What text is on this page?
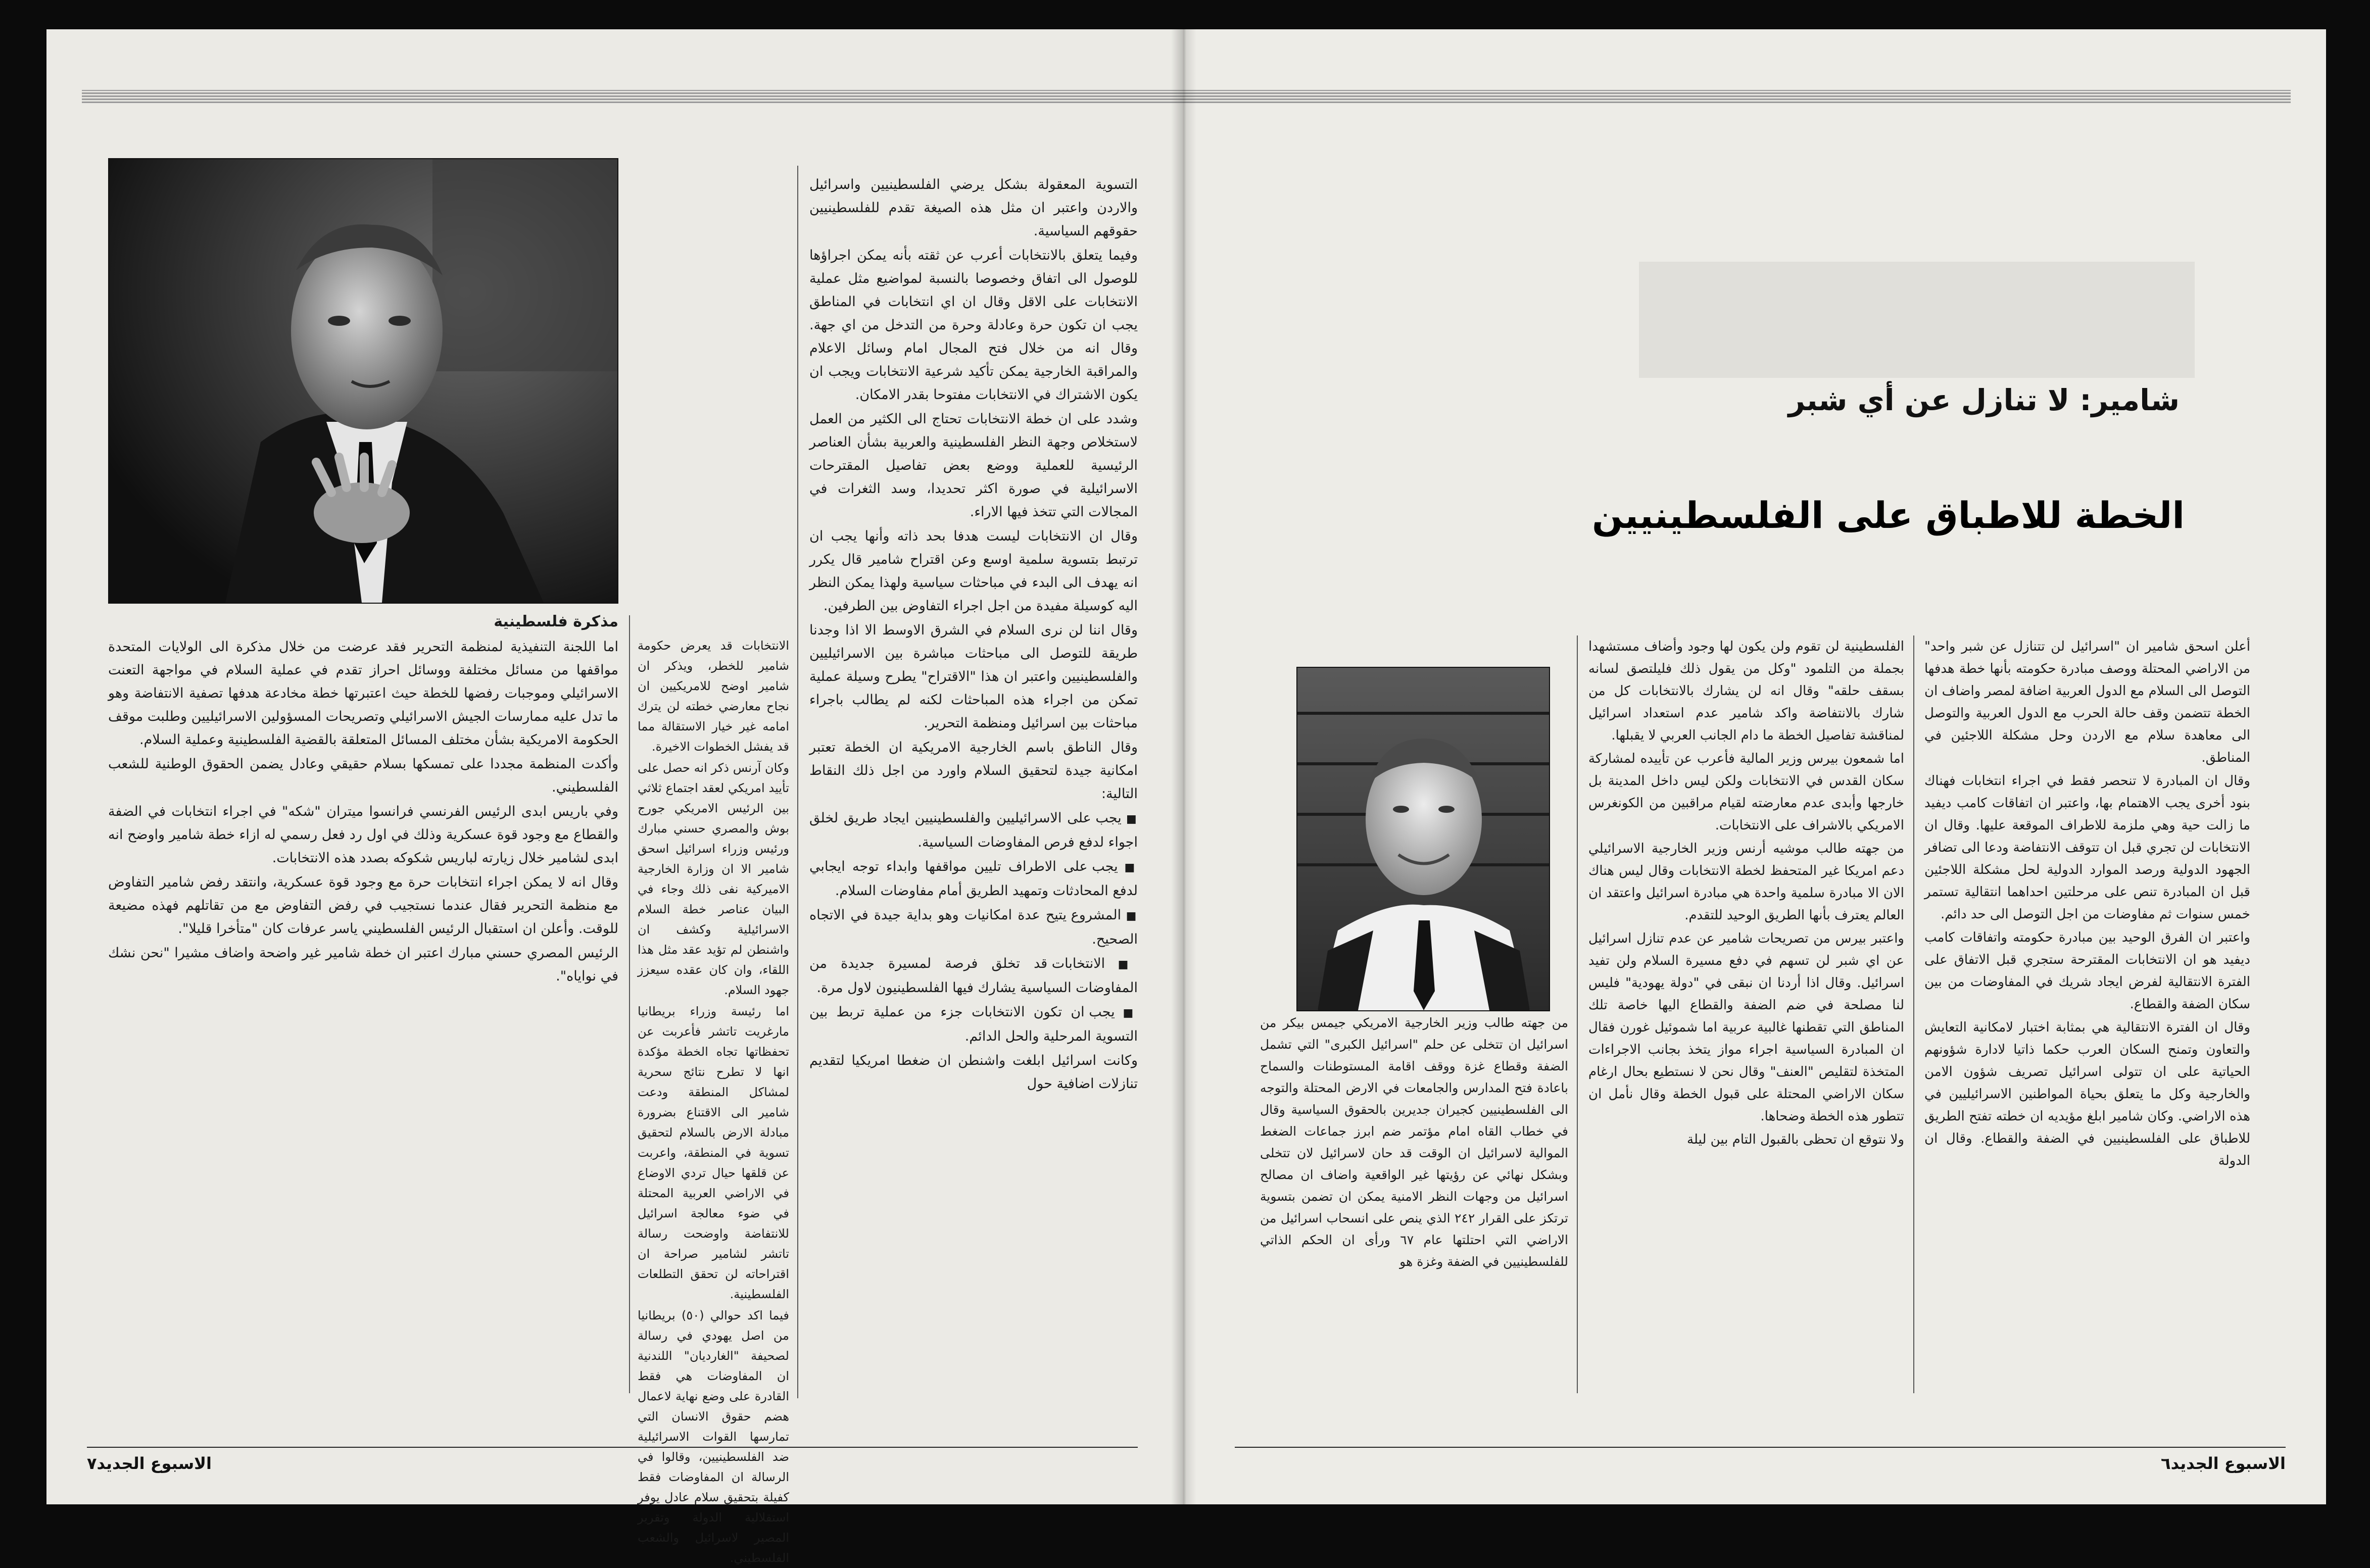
مذكرة فلسطينية

اما اللجنة التنفيذية لمنظمة التحرير فقد عرضت من خلال مذكرة الى الولايات المتحدة مواقفها من مسائل مختلفة ووسائل احراز تقدم في عملية السلام في مواجهة التعنت الاسرائيلي وموجبات رفضها للخطة حيث اعتبرتها خطة مخادعة هدفها تصفية الانتفاضة وهو ما تدل عليه ممارسات الجيش الاسرائيلي وتصريحات المسؤولين الاسرائيليين وطلبت موقف الحكومة الامريكية بشأن مختلف المسائل المتعلقة بالقضية الفلسطينية وعملية السلام.

وأكدت المنظمة مجددا على تمسكها بسلام حقيقي وعادل يضمن الحقوق الوطنية للشعب الفلسطيني.

وفي باريس ابدى الرئيس الفرنسي فرانسوا ميتران "شكه" في اجراء انتخابات في الضفة والقطاع مع وجود قوة عسكرية وذلك في اول رد فعل رسمي له ازاء خطة شامير واوضح انه ابدى لشامير خلال زيارته لباريس شكوكه بصدد هذه الانتخابات.

وقال انه لا يمكن اجراء انتخابات حرة مع وجود قوة عسكرية، وانتقد رفض شامير التفاوض مع منظمة التحرير فقال عندما نستجيب في رفض التفاوض مع من تقاتلهم فهذه مضيعة للوقت. وأعلن ان استقبال الرئيس الفلسطيني ياسر عرفات كان "متأخرا قليلا".

الرئيس المصري حسني مبارك اعتبر ان خطة شامير غير واضحة واضاف مشيرا "نحن نشك في نواياه".

الانتخابات قد يعرض حكومة شامير للخطر، ويذكر ان شامير اوضح للامريكيين ان نجاح معارضي خطته لن يترك امامه غير خيار الاستقالة مما قد يفشل الخطوات الاخيرة.

وكان آرنس ذكر انه حصل على تأييد امريكي لعقد اجتماع ثلاثي بين الرئيس الامريكي جورج بوش والمصري حسني مبارك ورئيس وزراء اسرائيل اسحق شامير الا ان وزارة الخارجية الاميركية نفى ذلك وجاء في البيان عناصر خطة السلام الاسرائيلية وكشف ان واشنطن لم تؤيد عقد مثل هذا اللقاء، وان كان عقده سيعزز جهود السلام.

اما رئيسة وزراء بريطانيا مارغريت تاتشر فأعربت عن تحفظاتها تجاه الخطة مؤكدة انها لا تطرح نتائج سحرية لمشاكل المنطقة ودعت شامير الى الاقتناع بضرورة مبادلة الارض بالسلام لتحقيق تسوية في المنطقة، واعربت عن قلقها حيال تردي الاوضاع في الاراضي العربية المحتلة في ضوء معالجة اسرائيل للانتفاضة واوضحت رسالة تاتشر لشامير صراحة ان اقتراحاته لن تحقق التطلعات الفلسطينية.

فيما اكد حوالي (٥٠) بريطانيا من اصل يهودي في رسالة لصحيفة "الغارديان" اللندنية ان المفاوضات هي فقط القادرة على وضع نهاية لاعمال هضم حقوق الانسان التي تمارسها القوات الاسرائيلية ضد الفلسطينيين، وقالوا في الرسالة ان المفاوضات فقط كفيلة بتحقيق سلام عادل يوفر استقلالية الدولة وتقرير المصير لاسرائيل والشعب الفلسطيني.

التسوية المعقولة بشكل يرضي الفلسطينيين واسرائيل والاردن واعتبر ان مثل هذه الصيغة تقدم للفلسطينيين حقوقهم السياسية.

وفيما يتعلق بالانتخابات أعرب عن ثقته بأنه يمكن اجراؤها للوصول الى اتفاق وخصوصا بالنسبة لمواضيع مثل عملية الانتخابات على الاقل وقال ان اي انتخابات في المناطق يجب ان تكون حرة وعادلة وحرة من التدخل من اي جهة. وقال انه من خلال فتح المجال امام وسائل الاعلام والمراقبة الخارجية يمكن تأكيد شرعية الانتخابات ويجب ان يكون الاشتراك في الانتخابات مفتوحا بقدر الامكان.

وشدد على ان خطة الانتخابات تحتاج الى الكثير من العمل لاستخلاص وجهة النظر الفلسطينية والعربية بشأن العناصر الرئيسية للعملية ووضع بعض تفاصيل المقترحات الاسرائيلية في صورة اكثر تحديدا، وسد الثغرات في المجالات التي تتخذ فيها الاراء.

وقال ان الانتخابات ليست هدفا بحد ذاته وأنها يجب ان ترتبط بتسوية سلمية اوسع وعن اقتراح شامير قال يكرر انه يهدف الى البدء في مباحثات سياسية ولهذا يمكن النظر اليه كوسيلة مفيدة من اجل اجراء التفاوض بين الطرفين.

وقال اننا لن نرى السلام في الشرق الاوسط الا اذا وجدنا طريقة للتوصل الى مباحثات مباشرة بين الاسرائيليين والفلسطينيين واعتبر ان هذا "الاقتراح" يطرح وسيلة عملية تمكن من اجراء هذه المباحثات لكنه لم يطالب باجراء مباحثات بين اسرائيل ومنظمة التحرير.

وقال الناطق باسم الخارجية الامريكية ان الخطة تعتبر امكانية جيدة لتحقيق السلام واورد من اجل ذلك النقاط التالية:

■ يجب على الاسرائيليين والفلسطينيين ايجاد طريق لخلق اجواء لدفع فرص المفاوضات السياسية.

■ يجب على الاطراف تليين مواقفها وابداء توجه ايجابي لدفع المحادثات وتمهيد الطريق أمام مفاوضات السلام.

■ المشروع يتيح عدة امكانيات وهو بداية جيدة في الاتجاه الصحيح.

■ الانتخابات قد تخلق فرصة لمسيرة جديدة من المفاوضات السياسية يشارك فيها الفلسطينيون لاول مرة.

■ يجب ان تكون الانتخابات جزء من عملية تربط بين التسوية المرحلية والحل الدائم.

وكانت اسرائيل ابلغت واشنطن ان ضغطا امريكيا لتقديم تنازلات اضافية حول

الاسبوع الجديد٧
شامير: لا تنازل عن أي شبر
الخطة للاطباق على الفلسطينيين

من جهته طالب وزير الخارجية الامريكي جيمس بيكر من اسرائيل ان تتخلى عن حلم "اسرائيل الكبرى" التي تشمل الضفة وقطاع غزة ووقف اقامة المستوطنات والسماح باعادة فتح المدارس والجامعات في الارض المحتلة والتوجه الى الفلسطينيين كجيران جديرين بالحقوق السياسية وقال في خطاب القاه امام مؤتمر ضم ابرز جماعات الضغط الموالية لاسرائيل ان الوقت قد حان لاسرائيل لان تتخلى وبشكل نهائي عن رؤيتها غير الواقعية واضاف ان مصالح اسرائيل من وجهات النظر الامنية يمكن ان تضمن بتسوية ترتكز على القرار ٢٤٢ الذي ينص على انسحاب اسرائيل من الاراضي التي احتلتها عام ٦٧ ورأى ان الحكم الذاتي للفلسطينيين في الضفة وغزة هو

الفلسطينية لن تقوم ولن يكون لها وجود وأضاف مستشهدا بجملة من التلمود "وكل من يقول ذلك فليلتصق لسانه بسقف حلقه" وقال انه لن يشارك بالانتخابات كل من شارك بالانتفاضة واكد شامير عدم استعداد اسرائيل لمناقشة تفاصيل الخطة ما دام الجانب العربي لا يقبلها.

اما شمعون بيرس وزير المالية فأعرب عن تأييده لمشاركة سكان القدس في الانتخابات ولكن ليس داخل المدينة بل خارجها وأبدى عدم معارضته لقيام مراقبين من الكونغرس الامريكي بالاشراف على الانتخابات.

من جهته طالب موشيه أرنس وزير الخارجية الاسرائيلي دعم امريكا غير المتحفظ لخطة الانتخابات وقال ليس هناك الان الا مبادرة سلمية واحدة هي مبادرة اسرائيل واعتقد ان العالم يعترف بأنها الطريق الوحيد للتقدم.

واعتبر بيرس من تصريحات شامير عن عدم تنازل اسرائيل عن اي شبر لن تسهم في دفع مسيرة السلام ولن تفيد اسرائيل. وقال اذا أردنا ان نبقى في "دولة يهودية" فليس لنا مصلحة في ضم الضفة والقطاع اليها خاصة تلك المناطق التي تقطنها غالبية عربية اما شموئيل غورن فقال ان المبادرة السياسية اجراء مواز يتخذ بجانب الاجراءات المتخذة لتقليص "العنف" وقال نحن لا نستطيع بحال ارغام سكان الاراضي المحتلة على قبول الخطة وقال نأمل ان تتطور هذه الخطة وضحاها.

ولا نتوقع ان تحظى بالقبول التام بين ليلة

أعلن اسحق شامير ان "اسرائيل لن تتنازل عن شبر واحد" من الاراضي المحتلة ووصف مبادرة حكومته بأنها خطة هدفها التوصل الى السلام مع الدول العربية اضافة لمصر واضاف ان الخطة تتضمن وقف حالة الحرب مع الدول العربية والتوصل الى معاهدة سلام مع الاردن وحل مشكلة اللاجئين في المناطق.

وقال ان المبادرة لا تنحصر فقط في اجراء انتخابات فهناك بنود أخرى يجب الاهتمام بها، واعتبر ان اتفاقات كامب ديفيد ما زالت حية وهي ملزمة للاطراف الموقعة عليها. وقال ان الانتخابات لن تجري قبل ان تتوقف الانتفاضة ودعا الى تضافر الجهود الدولية ورصد الموارد الدولية لحل مشكلة اللاجئين قبل ان المبادرة تنص على مرحلتين احداهما انتقالية تستمر خمس سنوات ثم مفاوضات من اجل التوصل الى حد دائم.

واعتبر ان الفرق الوحيد بين مبادرة حكومته واتفاقات كامب ديفيد هو ان الانتخابات المقترحة ستجري قبل الاتفاق على الفترة الانتقالية لفرض ايجاد شريك في المفاوضات من بين سكان الضفة والقطاع.

وقال ان الفترة الانتقالية هي بمثابة اختبار لامكانية التعايش والتعاون وتمنح السكان العرب حكما ذاتيا لادارة شؤونهم الحياتية على ان تتولى اسرائيل تصريف شؤون الامن والخارجية وكل ما يتعلق بحياة المواطنين الاسرائيليين في هذه الاراضي. وكان شامير ابلغ مؤيديه ان خطته تفتح الطريق للاطباق على الفلسطينيين في الضفة والقطاع. وقال ان الدولة

الاسبوع الجديد٦
